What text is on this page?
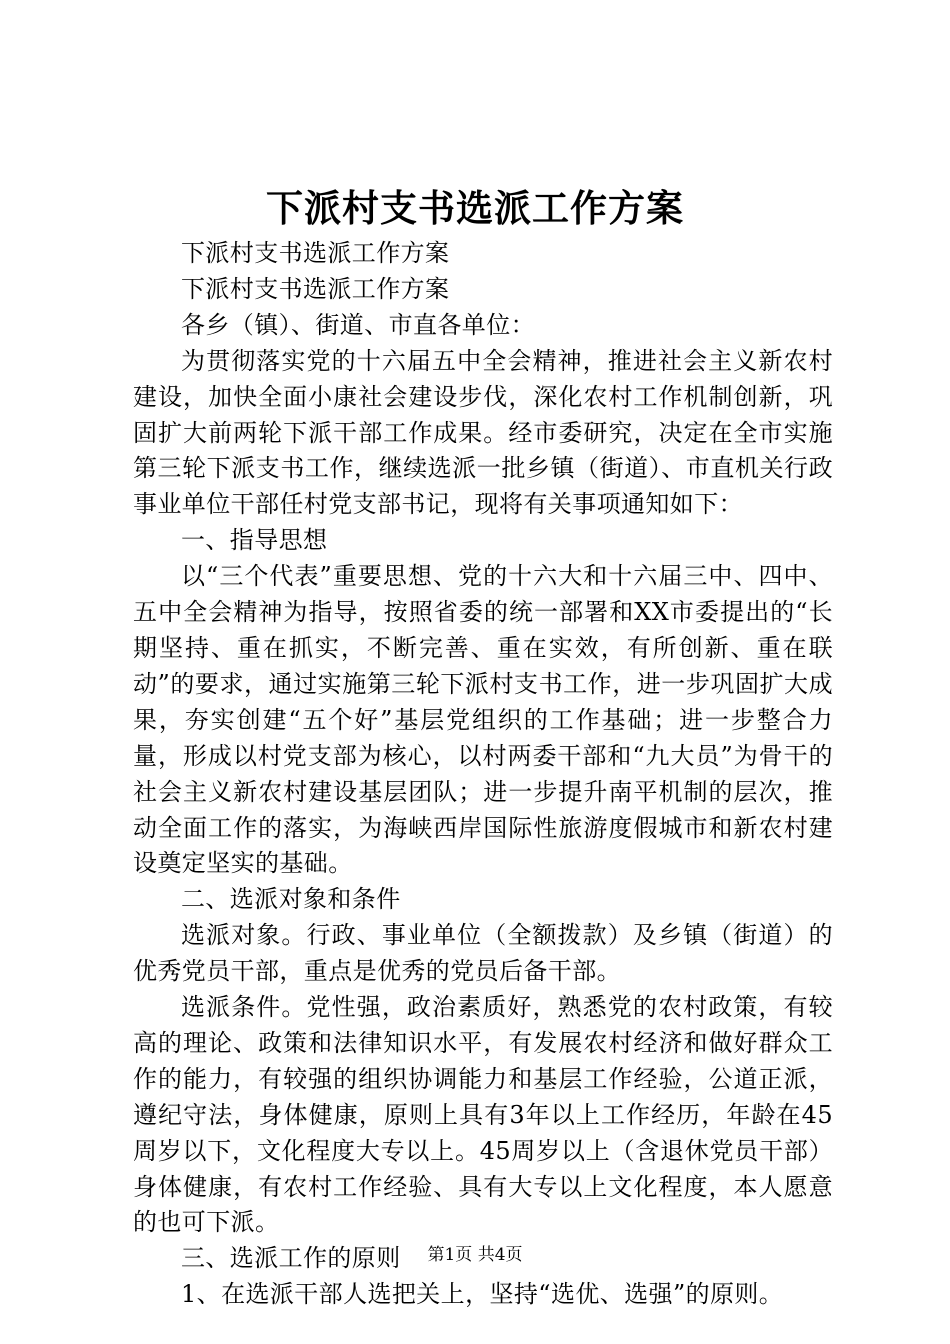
下派村支书选派工作方案

下派村支书选派工作方案

下派村支书选派工作方案

各乡（镇）、街道、市直各单位：

为贯彻落实党的十六届五中全会精神，推进社会主义新农村建设，加快全面小康社会建设步伐，深化农村工作机制创新，巩固扩大前两轮下派干部工作成果。经市委研究，决定在全市实施第三轮下派支书工作，继续选派一批乡镇（街道）、市直机关行政事业单位干部任村党支部书记，现将有关事项通知如下：

一、指导思想

以“三个代表”重要思想、党的十六大和十六届三中、四中、五中全会精神为指导，按照省委的统一部署和XX市委提出的“长期坚持、重在抓实，不断完善、重在实效，有所创新、重在联动”的要求，通过实施第三轮下派村支书工作，进一步巩固扩大成果，夯实创建“五个好”基层党组织的工作基础；进一步整合力量，形成以村党支部为核心，以村两委干部和“九大员”为骨干的社会主义新农村建设基层团队；进一步提升南平机制的层次，推动全面工作的落实，为海峡西岸国际性旅游度假城市和新农村建设奠定坚实的基础。

二、选派对象和条件

选派对象。行政、事业单位（全额拨款）及乡镇（街道）的优秀党员干部，重点是优秀的党员后备干部。

选派条件。党性强，政治素质好，熟悉党的农村政策，有较高的理论、政策和法律知识水平，有发展农村经济和做好群众工作的能力，有较强的组织协调能力和基层工作经验，公道正派，遵纪守法，身体健康，原则上具有3年以上工作经历，年龄在45周岁以下，文化程度大专以上。45周岁以上（含退休党员干部）身体健康，有农村工作经验、具有大专以上文化程度，本人愿意的也可下派。

三、选派工作的原则

1、在选派干部人选把关上，坚持“选优、选强”的原则。

第1页 共4页
